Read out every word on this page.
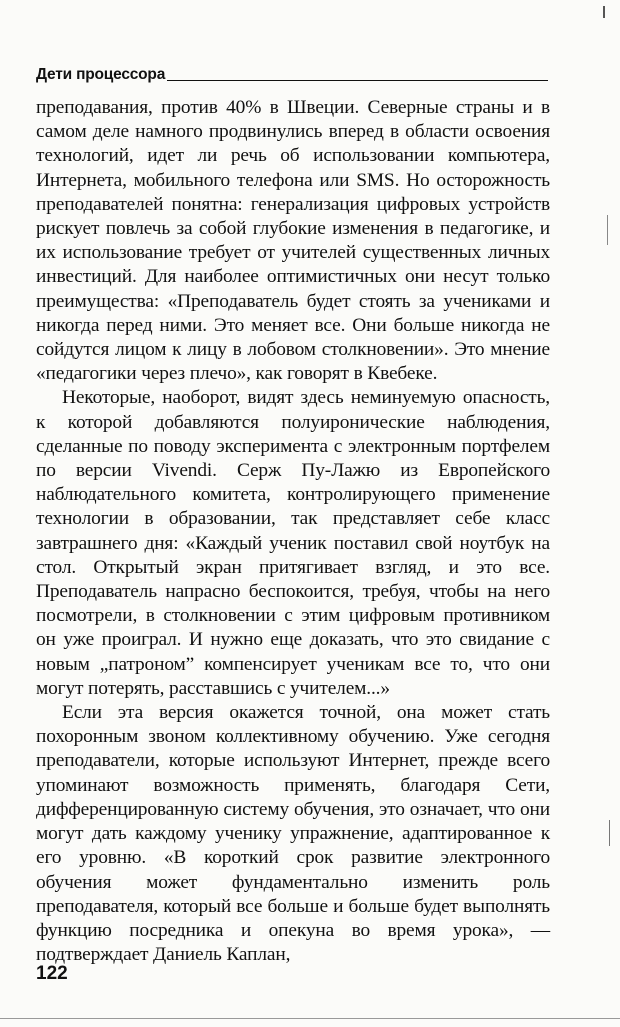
Дети процессора

преподавания, против 40% в Швеции. Северные страны и в самом деле намного продвинулись вперед в области освоения технологий, идет ли речь об использовании компьютера, Интернета, мобильного телефона или SMS. Но осторожность преподавателей понятна: генерализация цифровых устройств рискует повлечь за собой глубокие изменения в педагогике, и их использование требует от учителей существенных личных инвестиций. Для наиболее оптимистичных они несут только преимущества: «Преподаватель будет стоять за учениками и никогда перед ними. Это меняет все. Они больше никогда не сойдутся лицом к лицу в лобовом столкновении». Это мнение «педагогики через плечо», как говорят в Квебеке.

Некоторые, наоборот, видят здесь неминуемую опасность, к которой добавляются полуиронические наблюдения, сделанные по поводу эксперимента с электронным портфелем по версии Vivendi. Серж Пу-Лажю из Европейского наблюдательного комитета, контролирующего применение технологии в образовании, так представляет себе класс завтрашнего дня: «Каждый ученик поставил свой ноутбук на стол. Открытый экран притягивает взгляд, и это все. Преподаватель напрасно беспокоится, требуя, чтобы на него посмотрели, в столкновении с этим цифровым противником он уже проиграл. И нужно еще доказать, что это свидание с новым „патроном” компенсирует ученикам все то, что они могут потерять, расставшись с учителем...»

Если эта версия окажется точной, она может стать похоронным звоном коллективному обучению. Уже сегодня преподаватели, которые используют Интернет, прежде всего упоминают возможность применять, благодаря Сети, дифференцированную систему обучения, это означает, что они могут дать каждому ученику упражнение, адаптированное к его уровню. «В короткий срок развитие электронного обучения может фундаментально изменить роль преподавателя, который все больше и больше будет выполнять функцию посредника и опекуна во время урока», — подтверждает Даниель Каплан,

122
